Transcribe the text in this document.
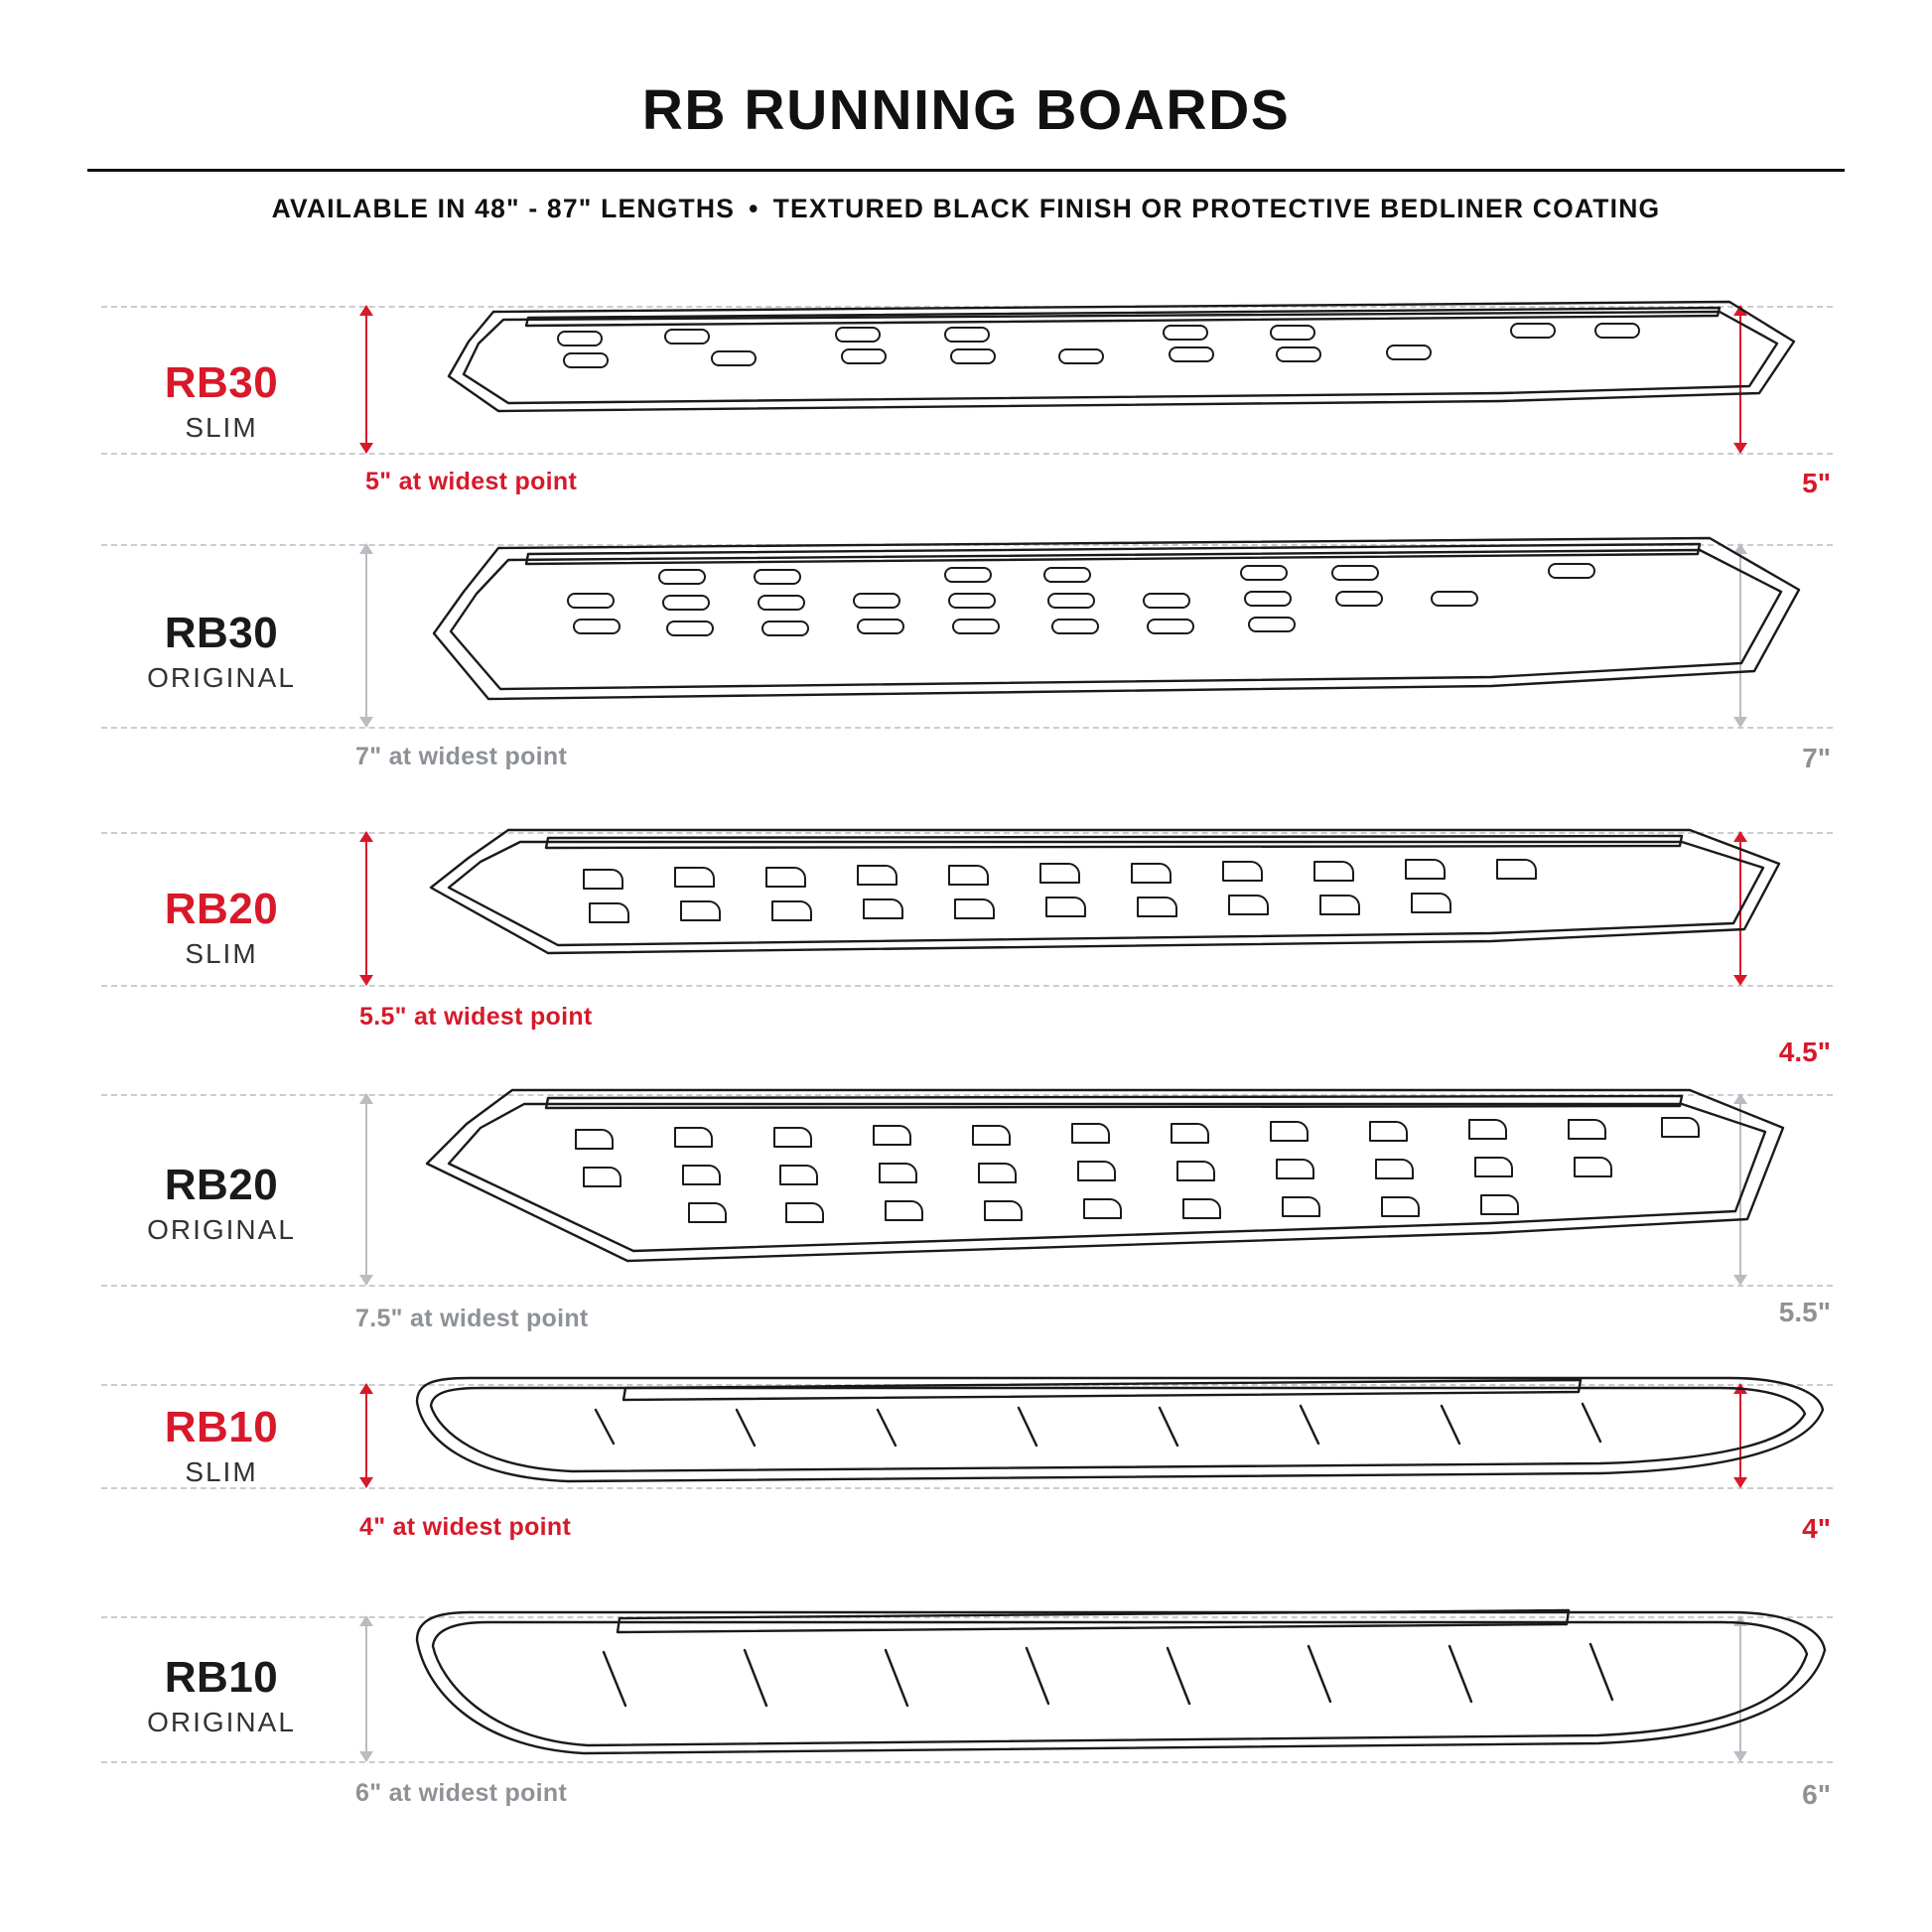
RB RUNNING BOARDS
AVAILABLE IN 48" - 87" LENGTHS • TEXTURED BLACK FINISH OR PROTECTIVE BEDLINER COATING
RB30
SLIM
5" at widest point	5"
RB30
ORIGINAL
7" at widest point	7"
RB20
SLIM
5.5" at widest point
4.5"
RB20
ORIGINAL
7.5" at widest point	5.5"
RB10
SLIM
4" at widest point	4"
RB10
ORIGINAL
6" at widest point	6"
